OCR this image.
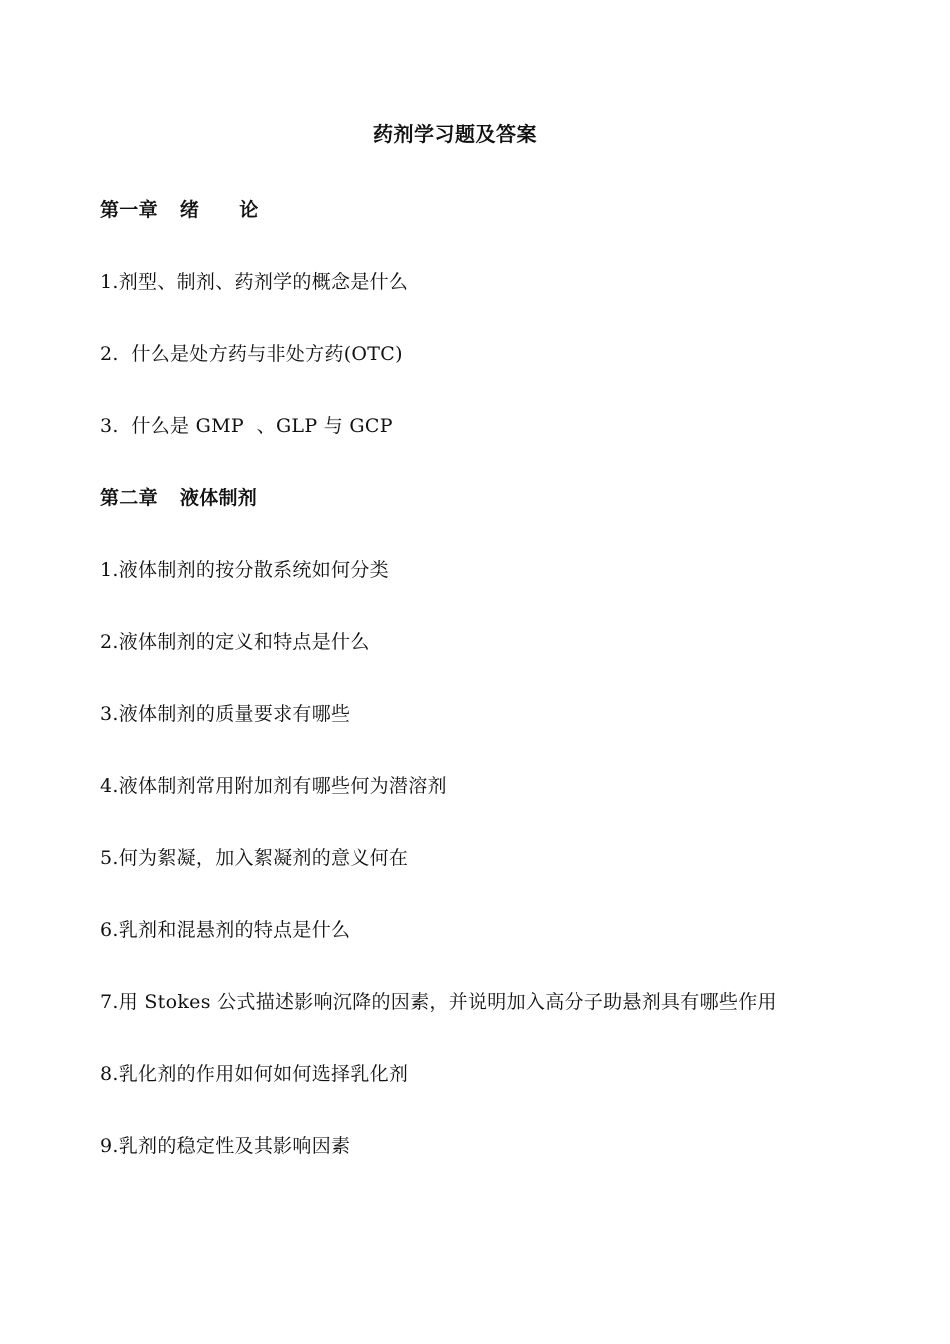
药剂学习题及答案
第一章 绪 论
1.剂型、制剂、药剂学的概念是什么
2.  什么是处方药与非处方药(OTC)
3.  什么是 GMP  、GLP 与 GCP
第二章 液体制剂
1.液体制剂的按分散系统如何分类
2.液体制剂的定义和特点是什么
3.液体制剂的质量要求有哪些
4.液体制剂常用附加剂有哪些何为潜溶剂
5.何为絮凝，加入絮凝剂的意义何在
6.乳剂和混悬剂的特点是什么
7.用 Stokes 公式描述影响沉降的因素，并说明加入高分子助悬剂具有哪些作用
8.乳化剂的作用如何如何选择乳化剂
9.乳剂的稳定性及其影响因素
